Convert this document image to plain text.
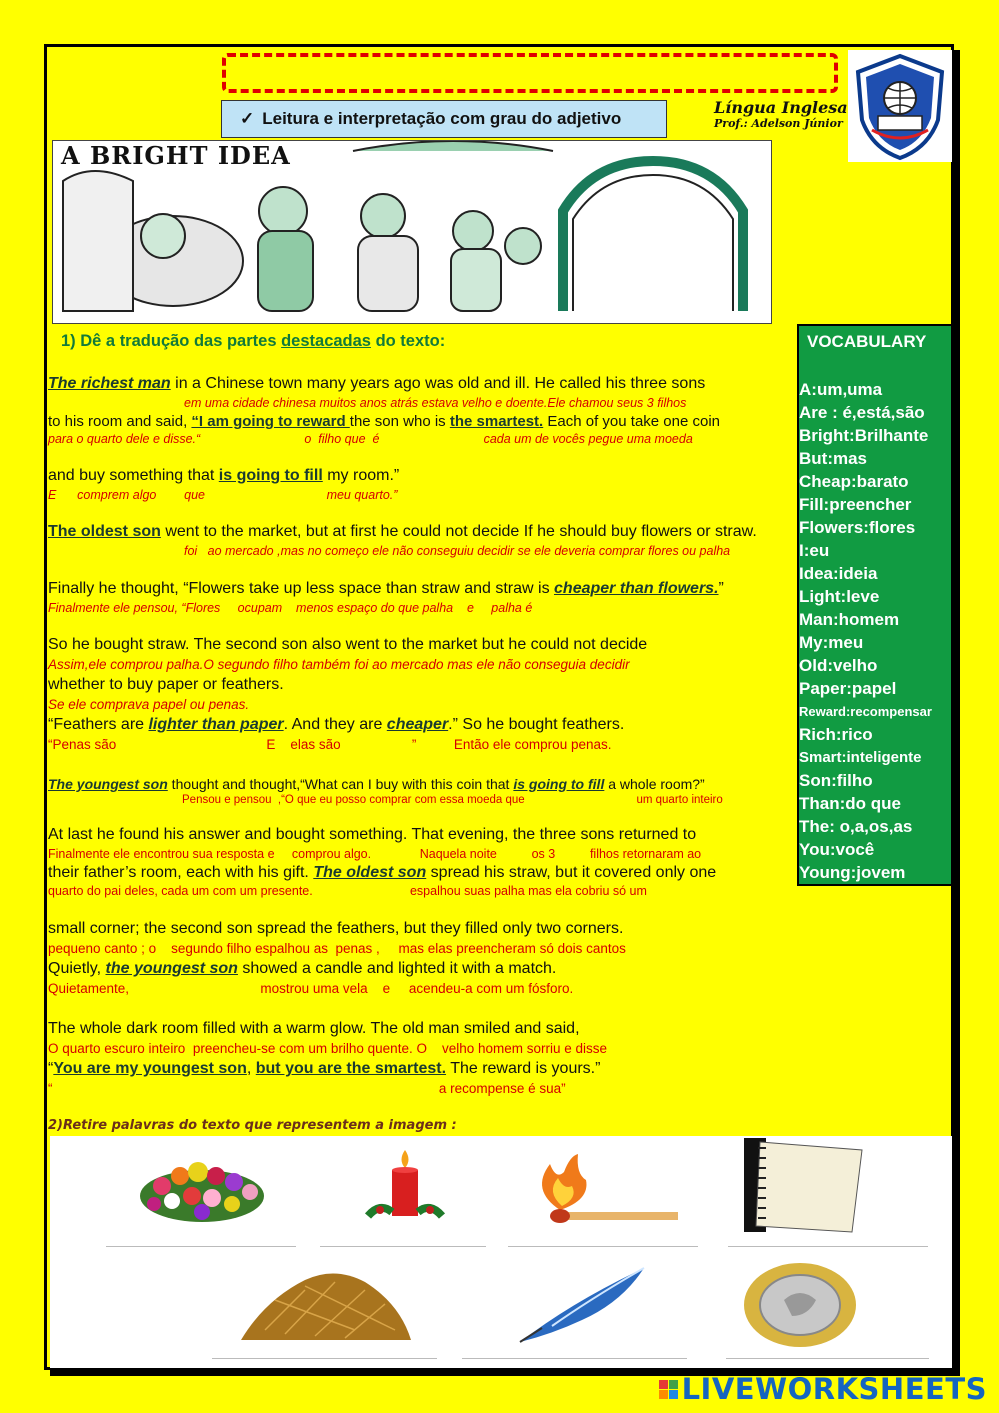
✓ Leitura e interpretação com grau do adjetivo
Língua Inglesa
Prof.: Adelson Júnior
A BRIGHT IDEA
1) Dê a tradução das partes destacadas do texto:
The richest man in a Chinese town many years ago was old and ill. He called his three sons
em uma cidade chinesa muitos anos atrás estava velho e doente.Ele chamou seus 3 filhos
to his room and said, “I am going to reward the son who is the smartest. Each of you take one coin
para o quarto dele e disse.“                              o  filho que  é                              cada um de vocês pegue uma moeda
and buy something that is going to fill my room.”
E      comprem algo        que                                   meu quarto.”
The oldest son went to the market, but at first he could not decide If he should buy flowers or straw.
foi   ao mercado ,mas no começo ele não conseguiu decidir se ele deveria comprar flores ou palha
Finally he thought, “Flowers take up less space than straw and straw is cheaper than flowers.”
Finalmente ele pensou, “Flores     ocupam    menos espaço do que palha    e     palha é
So he bought straw. The second son also went to the market but he could not decide
Assim,ele comprou palha.O segundo filho também foi ao mercado mas ele não conseguia decidir
whether to buy paper or feathers.
Se ele comprava papel ou penas.
“Feathers are lighter than paper. And they are cheaper.” So he bought feathers.
“Penas são                                        E    elas são                   ”          Então ele comprou penas.
The youngest son thought and thought,“What can I buy with this coin that is going to fill a whole room?”
Pensou e pensou  ,“O que eu posso comprar com essa moeda que                                   um quarto inteiro
At last he found his answer and bought something. That evening, the three sons returned to
Finalmente ele encontrou sua resposta e     comprou algo.              Naquela noite          os 3          filhos retornaram ao
their father’s room, each with his gift. The oldest son spread his straw, but it covered only one
quarto do pai deles, cada um com um presente.                            espalhou suas palha mas ela cobriu só um
small corner; the second son spread the feathers, but they filled only two corners.
pequeno canto ; o    segundo filho espalhou as  penas ,     mas elas preencheram só dois cantos
Quietly, the youngest son showed a candle and lighted it with a match.
Quietamente,                                   mostrou uma vela    e     acendeu-a com um fósforo.
The whole dark room filled with a warm glow. The old man smiled and said,
O quarto escuro inteiro  preencheu-se com um brilho quente. O    velho homem sorriu e disse
“You are my youngest son, but you are the smartest. The reward is yours.”
“                                                                                                       a recompense é sua”
VOCABULARY
A:um,uma
Are : é,está,são
Bright:Brilhante
But:mas
Cheap:barato
Fill:preencher
Flowers:flores
I:eu
Idea:ideia
Light:leve
Man:homem
My:meu
Old:velho
Paper:papel
Reward:recompensar
Rich:rico
Smart:inteligente
Son:filho
Than:do que
The: o,a,os,as
You:você
Young:jovem
2)Retire palavras do texto que representem a imagem :
LIVEWORKSHEETS
